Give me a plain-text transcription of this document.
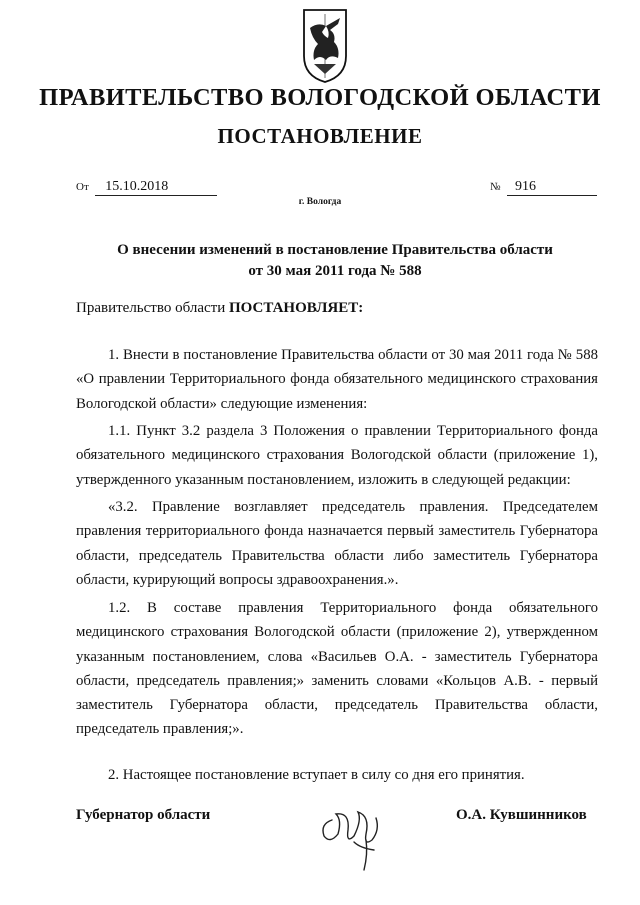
ПРАВИТЕЛЬСТВО ВОЛОГОДСКОЙ ОБЛАСТИ
ПОСТАНОВЛЕНИЕ
От 15.10.2018	№ 916
г. Вологда
О внесении изменений в постановление Правительства области
от 30 мая 2011 года № 588
Правительство области ПОСТАНОВЛЯЕТ:

1. Внести в постановление Правительства области от 30 мая 2011 года № 588 «О правлении Территориального фонда обязательного медицинского страхования Вологодской области» следующие изменения:

1.1. Пункт 3.2 раздела 3 Положения о правлении Территориального фонда обязательного медицинского страхования Вологодской области (приложение 1), утвержденного указанным постановлением, изложить в следующей редакции:

«3.2. Правление возглавляет председатель правления. Председателем правления территориального фонда назначается первый заместитель Губернатора области, председатель Правительства области либо заместитель Губернатора области, курирующий вопросы здравоохранения.».

1.2. В составе правления Территориального фонда обязательного медицинского страхования Вологодской области (приложение 2), утвержденном указанным постановлением, слова «Васильев О.А. - заместитель Губернатора области, председатель правления;» заменить словами «Кольцов А.В. - первый заместитель Губернатора области, председатель Правительства области, председатель правления;».

2. Настоящее постановление вступает в силу со дня его принятия.

Губернатор области	О.А. Кувшинников
